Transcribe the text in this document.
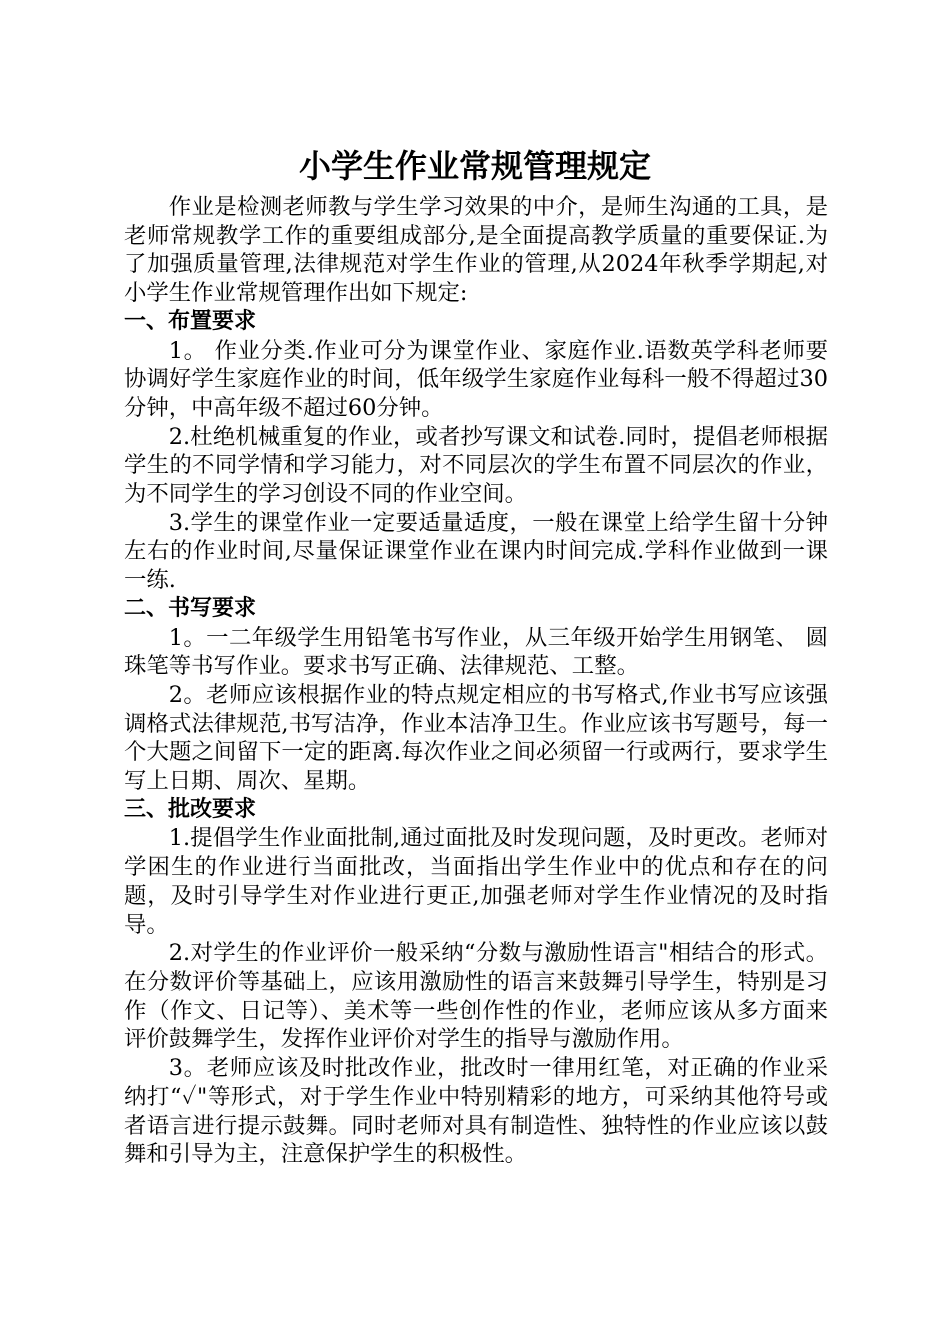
小学生作业常规管理规定

作业是检测老师教与学生学习效果的中介，是师生沟通的工具，是老师常规教学工作的重要组成部分,是全面提高教学质量的重要保证.为了加强质量管理,法律规范对学生作业的管理,从2024年秋季学期起,对小学生作业常规管理作出如下规定:

一、布置要求

1。 作业分类.作业可分为课堂作业、家庭作业.语数英学科老师要协调好学生家庭作业的时间，低年级学生家庭作业每科一般不得超过30分钟，中高年级不超过60分钟。

2.杜绝机械重复的作业，或者抄写课文和试卷.同时，提倡老师根据学生的不同学情和学习能力，对不同层次的学生布置不同层次的作业，为不同学生的学习创设不同的作业空间。

3.学生的课堂作业一定要适量适度，一般在课堂上给学生留十分钟左右的作业时间,尽量保证课堂作业在课内时间完成.学科作业做到一课一练.

二、书写要求

1。一二年级学生用铅笔书写作业，从三年级开始学生用钢笔、 圆珠笔等书写作业。要求书写正确、法律规范、工整。

2。老师应该根据作业的特点规定相应的书写格式,作业书写应该强调格式法律规范,书写洁净，作业本洁净卫生。作业应该书写题号，每一个大题之间留下一定的距离.每次作业之间必须留一行或两行，要求学生写上日期、周次、星期。

三、批改要求

1.提倡学生作业面批制,通过面批及时发现问题，及时更改。老师对学困生的作业进行当面批改，当面指出学生作业中的优点和存在的问题，及时引导学生对作业进行更正,加强老师对学生作业情况的及时指导。

2.对学生的作业评价一般采纳“分数与激励性语言"相结合的形式。在分数评价等基础上，应该用激励性的语言来鼓舞引导学生，特别是习作（作文、日记等）、美术等一些创作性的作业，老师应该从多方面来评价鼓舞学生，发挥作业评价对学生的指导与激励作用。

3。老师应该及时批改作业，批改时一律用红笔，对正确的作业采纳打“✓"等形式，对于学生作业中特别精彩的地方，可采纳其他符号或者语言进行提示鼓舞。同时老师对具有制造性、独特性的作业应该以鼓舞和引导为主，注意保护学生的积极性。
